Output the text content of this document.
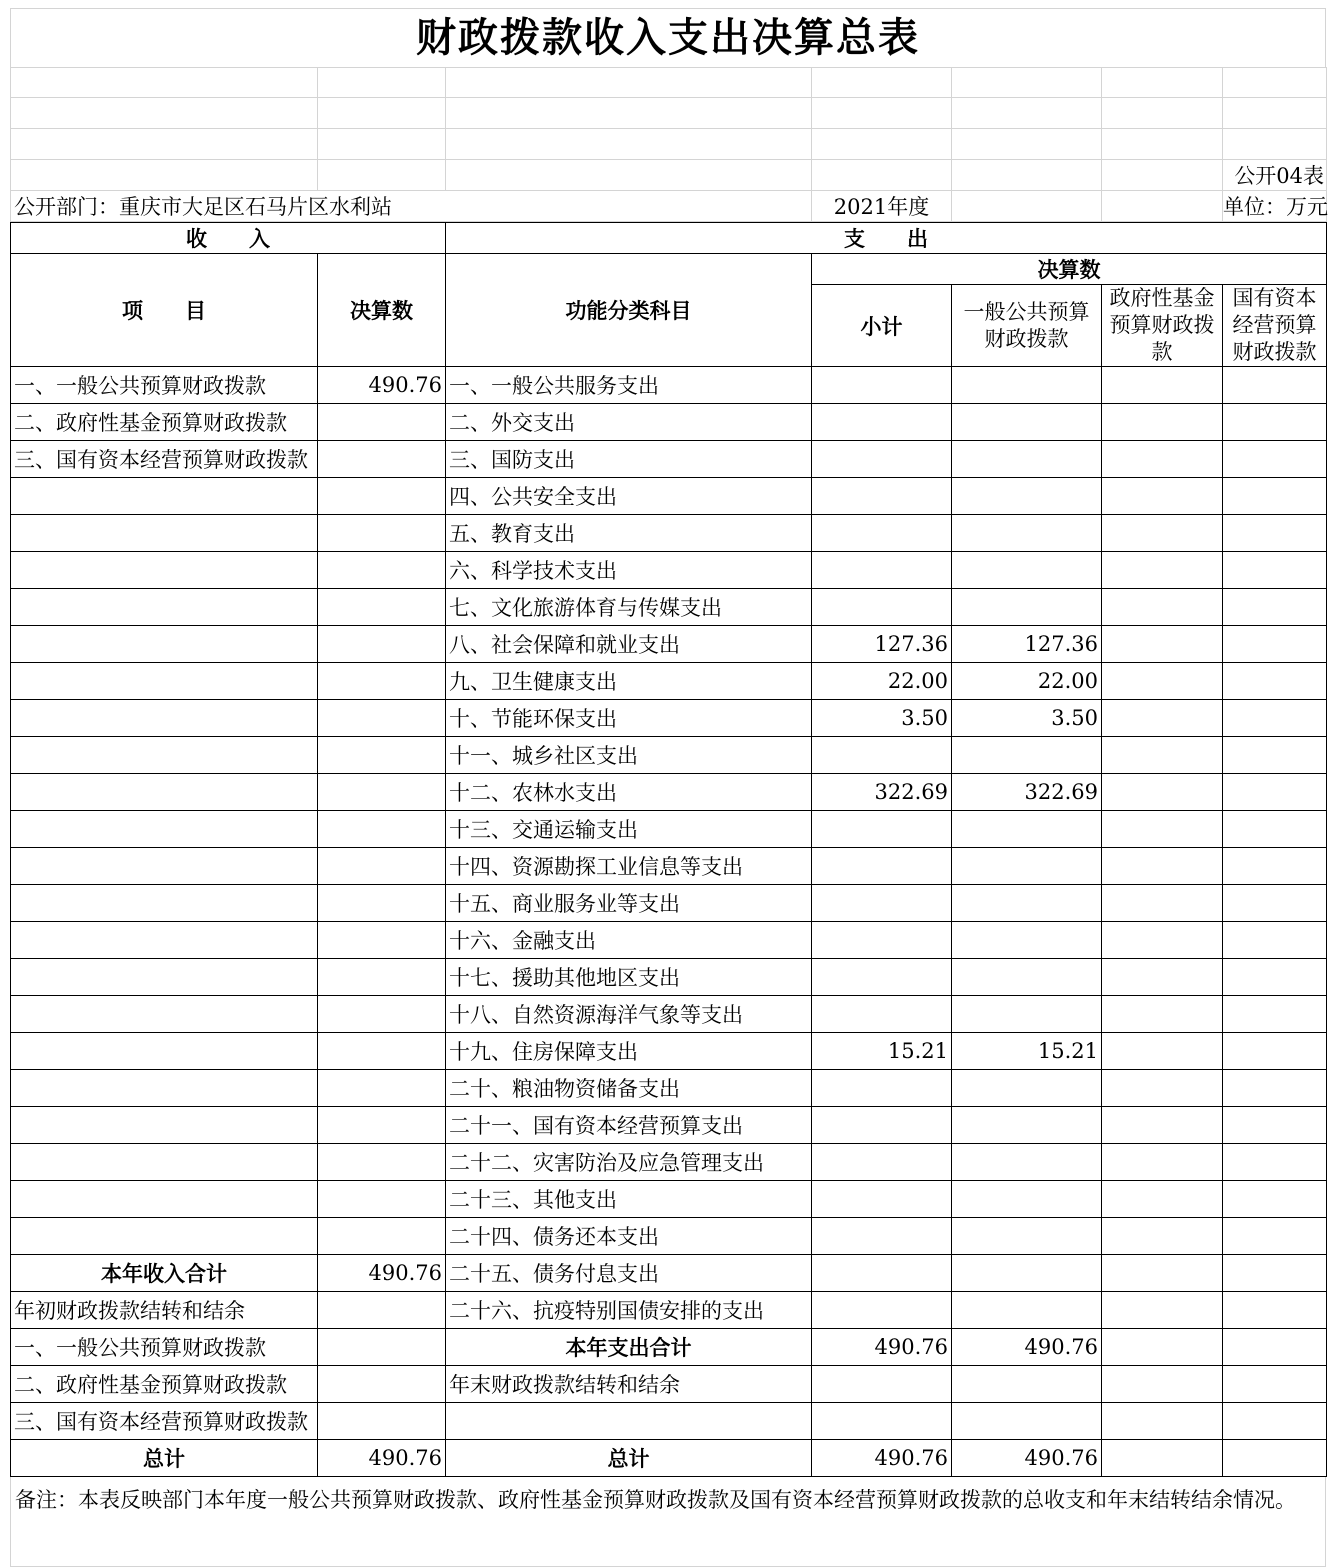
财政拨款收入支出决算总表

						公开04表
公开部门：重庆市大足区石马片区水利站			2021年度			单位：万元
收　　入		支　　出				
项　　目	决算数	功能分类科目	决算数			
			小计	一般公共预算财政拨款	政府性基金预算财政拨款	国有资本经营预算财政拨款
一、一般公共预算财政拨款	490.76	一、一般公共服务支出				
二、政府性基金预算财政拨款		二、外交支出				
三、国有资本经营预算财政拨款		三、国防支出				
		四、公共安全支出				
		五、教育支出				
		六、科学技术支出				
		七、文化旅游体育与传媒支出				
		八、社会保障和就业支出	127.36	127.36		
		九、卫生健康支出	22.00	22.00		
		十、节能环保支出	3.50	3.50		
		十一、城乡社区支出				
		十二、农林水支出	322.69	322.69		
		十三、交通运输支出				
		十四、资源勘探工业信息等支出				
		十五、商业服务业等支出				
		十六、金融支出				
		十七、援助其他地区支出				
		十八、自然资源海洋气象等支出				
		十九、住房保障支出	15.21	15.21		
		二十、粮油物资储备支出				
		二十一、国有资本经营预算支出				
		二十二、灾害防治及应急管理支出				
		二十三、其他支出				
		二十四、债务还本支出				
本年收入合计	490.76	二十五、债务付息支出				
年初财政拨款结转和结余		二十六、抗疫特别国债安排的支出				
一、一般公共预算财政拨款		本年支出合计	490.76	490.76		
二、政府性基金预算财政拨款		年末财政拨款结转和结余				
三、国有资本经营预算财政拨款						
总计	490.76	总计	490.76	490.76		
备注：本表反映部门本年度一般公共预算财政拨款、政府性基金预算财政拨款及国有资本经营预算财政拨款的总收支和年末结转结余情况。
